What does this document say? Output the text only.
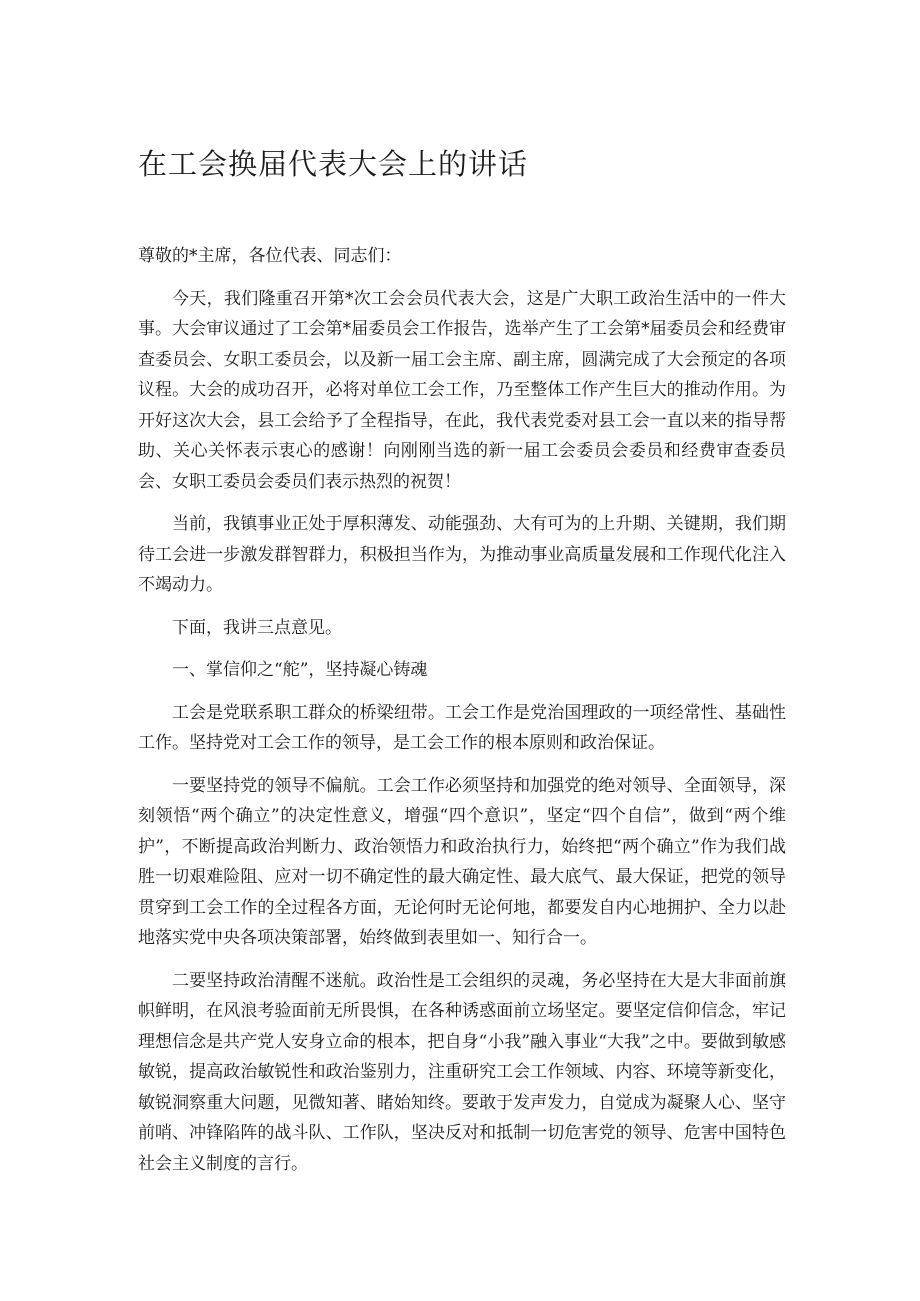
在工会换届代表大会上的讲话

尊敬的*主席，各位代表、同志们：

今天，我们隆重召开第*次工会会员代表大会，这是广大职工政治生活中的一件大事。大会审议通过了工会第*届委员会工作报告，选举产生了工会第*届委员会和经费审查委员会、女职工委员会，以及新一届工会主席、副主席，圆满完成了大会预定的各项议程。大会的成功召开，必将对单位工会工作，乃至整体工作产生巨大的推动作用。为开好这次大会，县工会给予了全程指导，在此，我代表党委对县工会一直以来的指导帮助、关心关怀表示衷心的感谢！向刚刚当选的新一届工会委员会委员和经费审查委员会、女职工委员会委员们表示热烈的祝贺！

当前，我镇事业正处于厚积薄发、动能强劲、大有可为的上升期、关键期，我们期待工会进一步激发群智群力，积极担当作为，为推动事业高质量发展和工作现代化注入不竭动力。

下面，我讲三点意见。

一、掌信仰之“舵”，坚持凝心铸魂

工会是党联系职工群众的桥梁纽带。工会工作是党治国理政的一项经常性、基础性工作。坚持党对工会工作的领导，是工会工作的根本原则和政治保证。

一要坚持党的领导不偏航。工会工作必须坚持和加强党的绝对领导、全面领导，深刻领悟“两个确立”的决定性意义，增强“四个意识”，坚定“四个自信”，做到“两个维护”，不断提高政治判断力、政治领悟力和政治执行力，始终把“两个确立”作为我们战胜一切艰难险阻、应对一切不确定性的最大确定性、最大底气、最大保证，把党的领导贯穿到工会工作的全过程各方面，无论何时无论何地，都要发自内心地拥护、全力以赴地落实党中央各项决策部署，始终做到表里如一、知行合一。

二要坚持政治清醒不迷航。政治性是工会组织的灵魂，务必坚持在大是大非面前旗帜鲜明，在风浪考验面前无所畏惧，在各种诱惑面前立场坚定。要坚定信仰信念，牢记理想信念是共产党人安身立命的根本，把自身“小我”融入事业“大我”之中。要做到敏感敏锐，提高政治敏锐性和政治鉴别力，注重研究工会工作领域、内容、环境等新变化，敏锐洞察重大问题，见微知著、睹始知终。要敢于发声发力，自觉成为凝聚人心、坚守前哨、冲锋陷阵的战斗队、工作队，坚决反对和抵制一切危害党的领导、危害中国特色社会主义制度的言行。
